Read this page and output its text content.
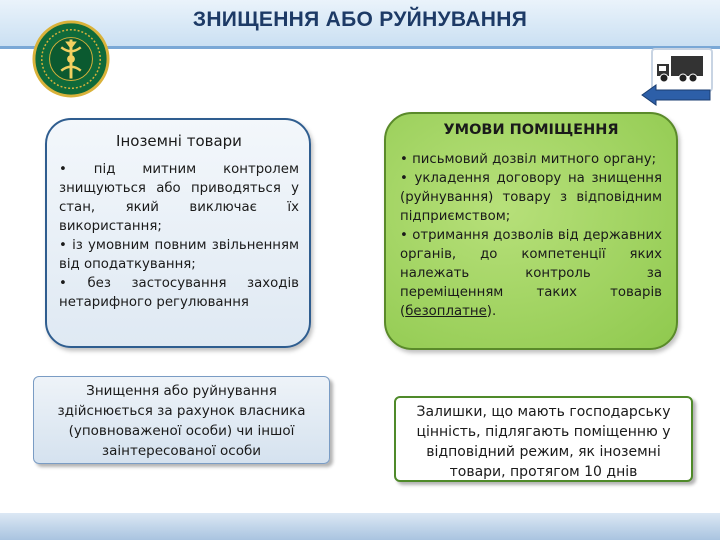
ЗНИЩЕННЯ АБО РУЙНУВАННЯ
Іноземні товари
• під митним контролем знищуються або приводяться у стан, який виключає їх використання;
• із умовним повним звільненням від оподаткування;
• без застосування заходів нетарифного регулювання
УМОВИ ПОМІЩЕННЯ
• письмовий дозвіл митного органу;
• укладення договору на знищення (руйнування) товару з відповідним підприємством;
• отримання дозволів від державних органів, до компетенції яких належать контроль за переміщенням таких товарів (безоплатне).
Знищення або руйнування здійснюється за рахунок власника (уповноваженої особи) чи іншої заінтересованої особи
Залишки, що мають господарську цінність, підлягають поміщенню у відповідний режим, як іноземні товари, протягом 10 днів
